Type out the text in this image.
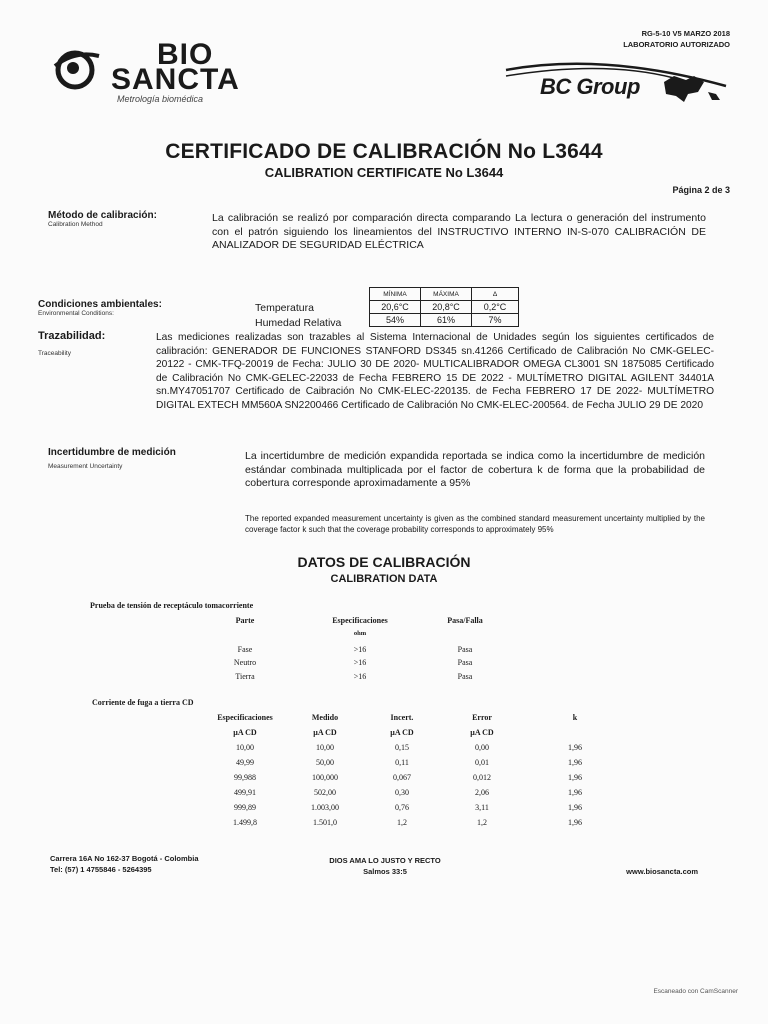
BIO
SANCTA
Metrología biomédica
RG-5-10 V5 MARZO 2018
LABORATORIO AUTORIZADO
BC Group
CERTIFICADO DE CALIBRACIÓN No L3644
CALIBRATION CERTIFICATE No L3644
Página 2 de 3
Método de calibración:
Calibration Method
La calibración se realizó por comparación directa comparando La lectura o generación del instrumento con el patrón siguiendo los lineamientos del INSTRUCTIVO INTERNO IN-S-070 CALIBRACIÓN DE ANALIZADOR DE SEGURIDAD ELÉCTRICA
Condiciones ambientales:
Environmental Conditions:	Temperatura
Humedad Relativa
MÍNIMA	MÁXIMA	Δ
20,6°C	20,8°C	0,2°C
54%	61%	7%
Trazabilidad:
Traceability
Las mediciones realizadas son trazables al Sistema Internacional de Unidades según los siguientes certificados de calibración: GENERADOR DE FUNCIONES STANFORD DS345 sn.41266 Certificado de Calibración No CMK-GELEC-20122 - CMK-TFQ-20019 de Fecha: JULIO 30 DE 2020- MULTICALIBRADOR OMEGA CL3001 SN 1875085 Certificado de Calibración No CMK-GELEC-22033 de Fecha FEBRERO 15 DE 2022 - MULTÍMETRO DIGITAL AGILENT 34401A sn.MY47051707 Certificado de Caibración No CMK-ELEC-220135. de Fecha FEBRERO 17 DE 2022- MULTÍMETRO DIGITAL EXTECH MM560A SN2200466 Certificado de Calibración No CMK-ELEC-200564. de Fecha JULIO 29 DE 2020
Incertidumbre de medición
Measurement Uncertainty
La incertidumbre de medición expandida reportada se indica como la incertidumbre de medición estándar combinada multiplicada por el factor de cobertura k de forma que la probabilidad de cobertura corresponde aproximadamente a 95%
The reported expanded measurement uncertainty is given as the combined standard measurement uncertainty multiplied by the coverage factor k such that the coverage probability corresponds to approximately 95%
DATOS DE CALIBRACIÓN
CALIBRATION DATA
Prueba de tensión de receptáculo tomacorriente
Parte	Especificaciones	Pasa/Falla
ohm
Fase	>16	Pasa
Neutro	>16	Pasa
Tierra	>16	Pasa
Corriente de fuga a tierra CD
Especificaciones	Medido	Incert.	Error	k
μA CD	μA CD	μA CD	μA CD
10,00	10,00	0,15	0,00	1,96
49,99	50,00	0,11	0,01	1,96
99,988	100,000	0,067	0,012	1,96
499,91	502,00	0,30	2,06	1,96
999,89	1.003,00	0,76	3,11	1,96
1.499,8	1.501,0	1,2	1,2	1,96
Carrera 16A No 162-37 Bogotá - Colombia
Tel: (57) 1 4755846 - 5264395
DIOS AMA LO JUSTO Y RECTO
Salmos 33:5	www.biosancta.com
Escaneado con CamScanner
